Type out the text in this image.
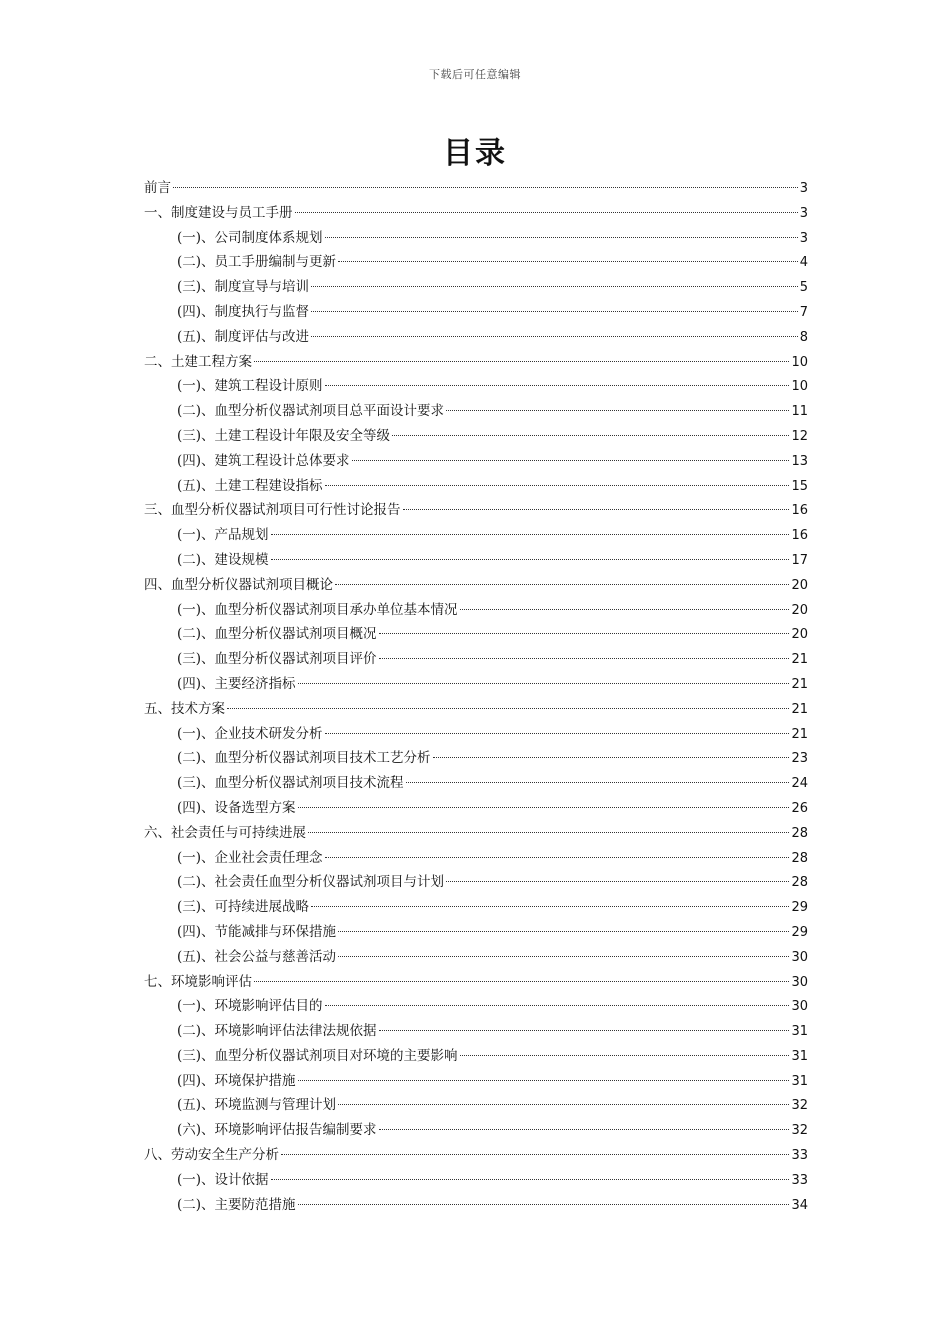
下载后可任意编辑
目录
前言	3
一、制度建设与员工手册	3
(一)、公司制度体系规划	3
(二)、员工手册编制与更新	4
(三)、制度宣导与培训	5
(四)、制度执行与监督	7
(五)、制度评估与改进	8
二、土建工程方案	10
(一)、建筑工程设计原则	10
(二)、血型分析仪器试剂项目总平面设计要求	11
(三)、土建工程设计年限及安全等级	12
(四)、建筑工程设计总体要求	13
(五)、土建工程建设指标	15
三、血型分析仪器试剂项目可行性讨论报告	16
(一)、产品规划	16
(二)、建设规模	17
四、血型分析仪器试剂项目概论	20
(一)、血型分析仪器试剂项目承办单位基本情况	20
(二)、血型分析仪器试剂项目概况	20
(三)、血型分析仪器试剂项目评价	21
(四)、主要经济指标	21
五、技术方案	21
(一)、企业技术研发分析	21
(二)、血型分析仪器试剂项目技术工艺分析	23
(三)、血型分析仪器试剂项目技术流程	24
(四)、设备选型方案	26
六、社会责任与可持续进展	28
(一)、企业社会责任理念	28
(二)、社会责任血型分析仪器试剂项目与计划	28
(三)、可持续进展战略	29
(四)、节能减排与环保措施	29
(五)、社会公益与慈善活动	30
七、环境影响评估	30
(一)、环境影响评估目的	30
(二)、环境影响评估法律法规依据	31
(三)、血型分析仪器试剂项目对环境的主要影响	31
(四)、环境保护措施	31
(五)、环境监测与管理计划	32
(六)、环境影响评估报告编制要求	32
八、劳动安全生产分析	33
(一)、设计依据	33
(二)、主要防范措施	34
